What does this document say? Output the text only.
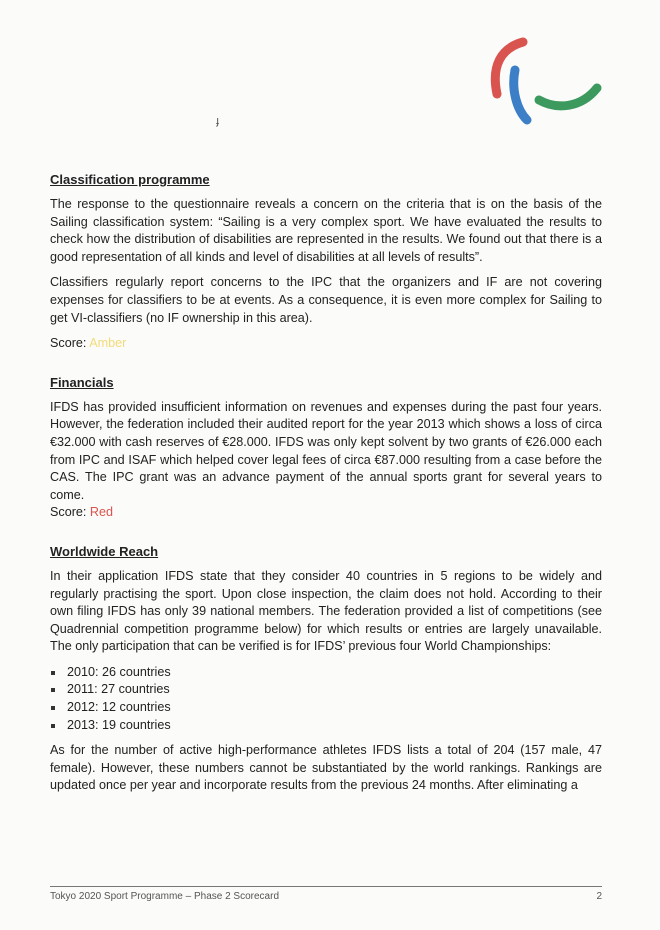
ɟ
Classification programme

The response to the questionnaire reveals a concern on the criteria that is on the basis of the Sailing classification system: “Sailing is a very complex sport. We have evaluated the results to check how the distribution of disabilities are represented in the results. We found out that there is a good representation of all kinds and level of disabilities at all levels of results”.

Classifiers regularly report concerns to the IPC that the organizers and IF are not covering expenses for classifiers to be at events. As a consequence, it is even more complex for Sailing to get VI-classifiers (no IF ownership in this area).

Score: Amber
Financials

IFDS has provided insufficient information on revenues and expenses during the past four years. However, the federation included their audited report for the year 2013 which shows a loss of circa €32.000 with cash reserves of €28.000. IFDS was only kept solvent by two grants of €26.000 each from IPC and ISAF which helped cover legal fees of circa €87.000 resulting from a case before the CAS. The IPC grant was an advance payment of the annual sports grant for several years to come.

Score: Red
Worldwide Reach

In their application IFDS state that they consider 40 countries in 5 regions to be widely and regularly practising the sport. Upon close inspection, the claim does not hold. According to their own filing IFDS has only 39 national members. The federation provided a list of competitions (see Quadrennial competition programme below) for which results or entries are largely unavailable. The only participation that can be verified is for IFDS’ previous four World Championships:

2010: 26 countries
2011: 27 countries
2012: 12 countries
2013: 19 countries

As for the number of active high-performance athletes IFDS lists a total of 204 (157 male, 47 female). However, these numbers cannot be substantiated by the world rankings. Rankings are updated once per year and incorporate results from the previous 24 months. After eliminating a

Tokyo 2020 Sport Programme – Phase 2 Scorecard	2
